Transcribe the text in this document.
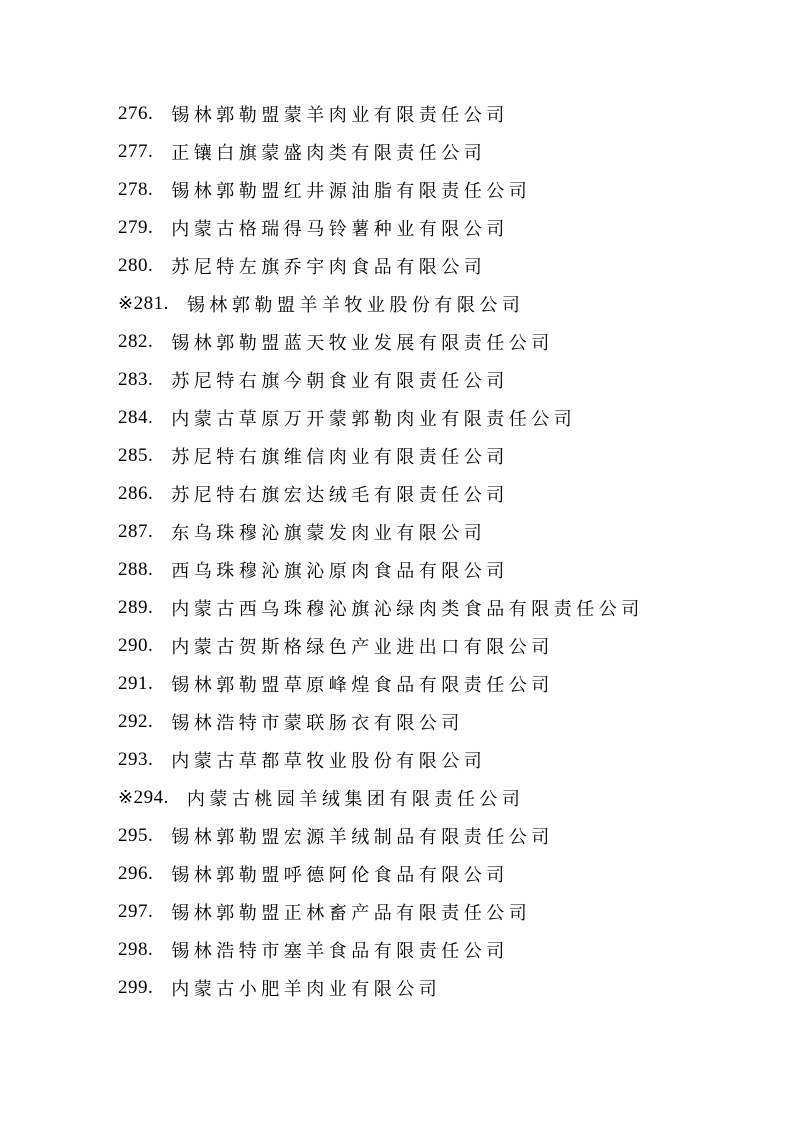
276. 锡林郭勒盟蒙羊肉业有限责任公司
277. 正镶白旗蒙盛肉类有限责任公司
278. 锡林郭勒盟红井源油脂有限责任公司
279. 内蒙古格瑞得马铃薯种业有限公司
280. 苏尼特左旗乔宇肉食品有限公司
※281. 锡林郭勒盟羊羊牧业股份有限公司
282. 锡林郭勒盟蓝天牧业发展有限责任公司
283. 苏尼特右旗今朝食业有限责任公司
284. 内蒙古草原万开蒙郭勒肉业有限责任公司
285. 苏尼特右旗维信肉业有限责任公司
286. 苏尼特右旗宏达绒毛有限责任公司
287. 东乌珠穆沁旗蒙发肉业有限公司
288. 西乌珠穆沁旗沁原肉食品有限公司
289. 内蒙古西乌珠穆沁旗沁绿肉类食品有限责任公司
290. 内蒙古贺斯格绿色产业进出口有限公司
291. 锡林郭勒盟草原峰煌食品有限责任公司
292. 锡林浩特市蒙联肠衣有限公司
293. 内蒙古草都草牧业股份有限公司
※294. 内蒙古桃园羊绒集团有限责任公司
295. 锡林郭勒盟宏源羊绒制品有限责任公司
296. 锡林郭勒盟呼德阿伦食品有限公司
297. 锡林郭勒盟正林畜产品有限责任公司
298. 锡林浩特市塞羊食品有限责任公司
299. 内蒙古小肥羊肉业有限公司
